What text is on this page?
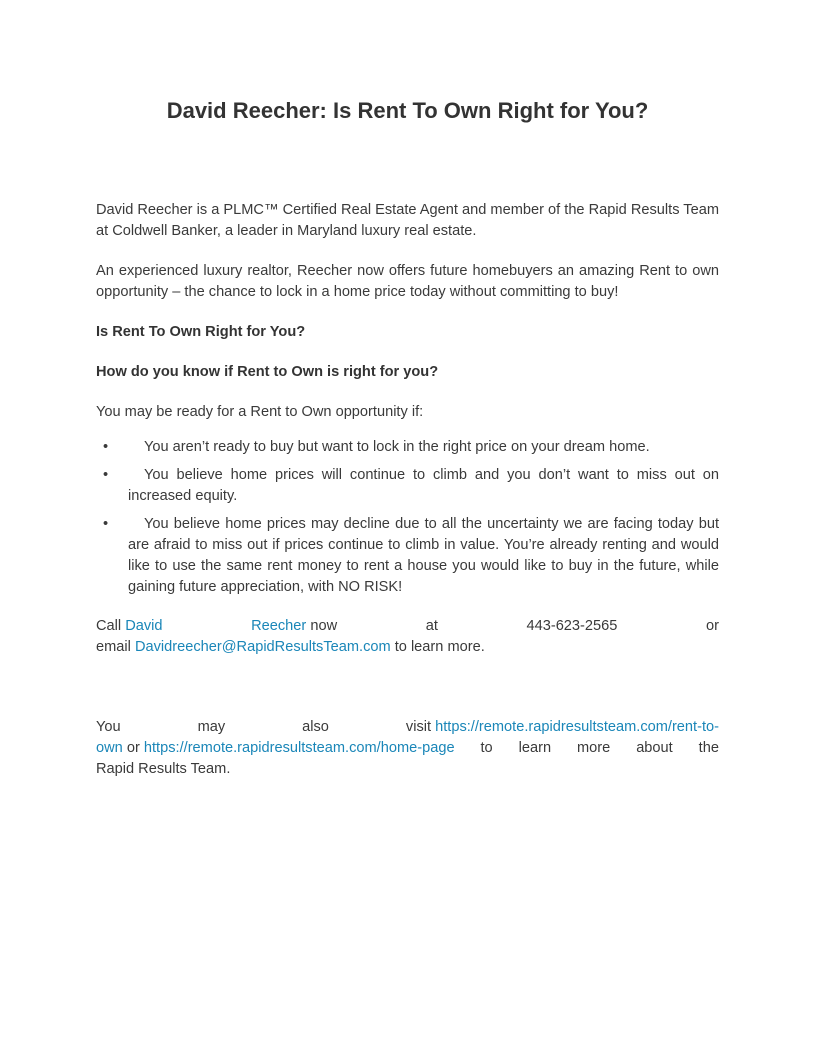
David Reecher: Is Rent To Own Right for You?

David Reecher is a PLMC™ Certified Real Estate Agent and member of the Rapid Results Team at Coldwell Banker, a leader in Maryland luxury real estate.

An experienced luxury realtor, Reecher now offers future homebuyers an amazing Rent to own opportunity – the chance to lock in a home price today without committing to buy!

Is Rent To Own Right for You?

How do you know if Rent to Own is right for you?

You may be ready for a Rent to Own opportunity if:

•	You aren’t ready to buy but want to lock in the right price on your dream home.
•	You believe home prices will continue to climb and you don’t want to miss out on increased equity.
•	You believe home prices may decline due to all the uncertainty we are facing today but are afraid to miss out if prices continue to climb in value. You’re already renting and would like to use the same rent money to rent a house you would like to buy in the future, while gaining future appreciation, with NO RISK!
Call David	Reecher now	at	443-623-2565	or
email Davidreecher@RapidResultsTeam.com to learn more.
You	may	also	visit https://remote.rapidresultsteam.com/rent-to-
own or https://remote.rapidresultsteam.com/home-page to learn more about the
Rapid Results Team.
